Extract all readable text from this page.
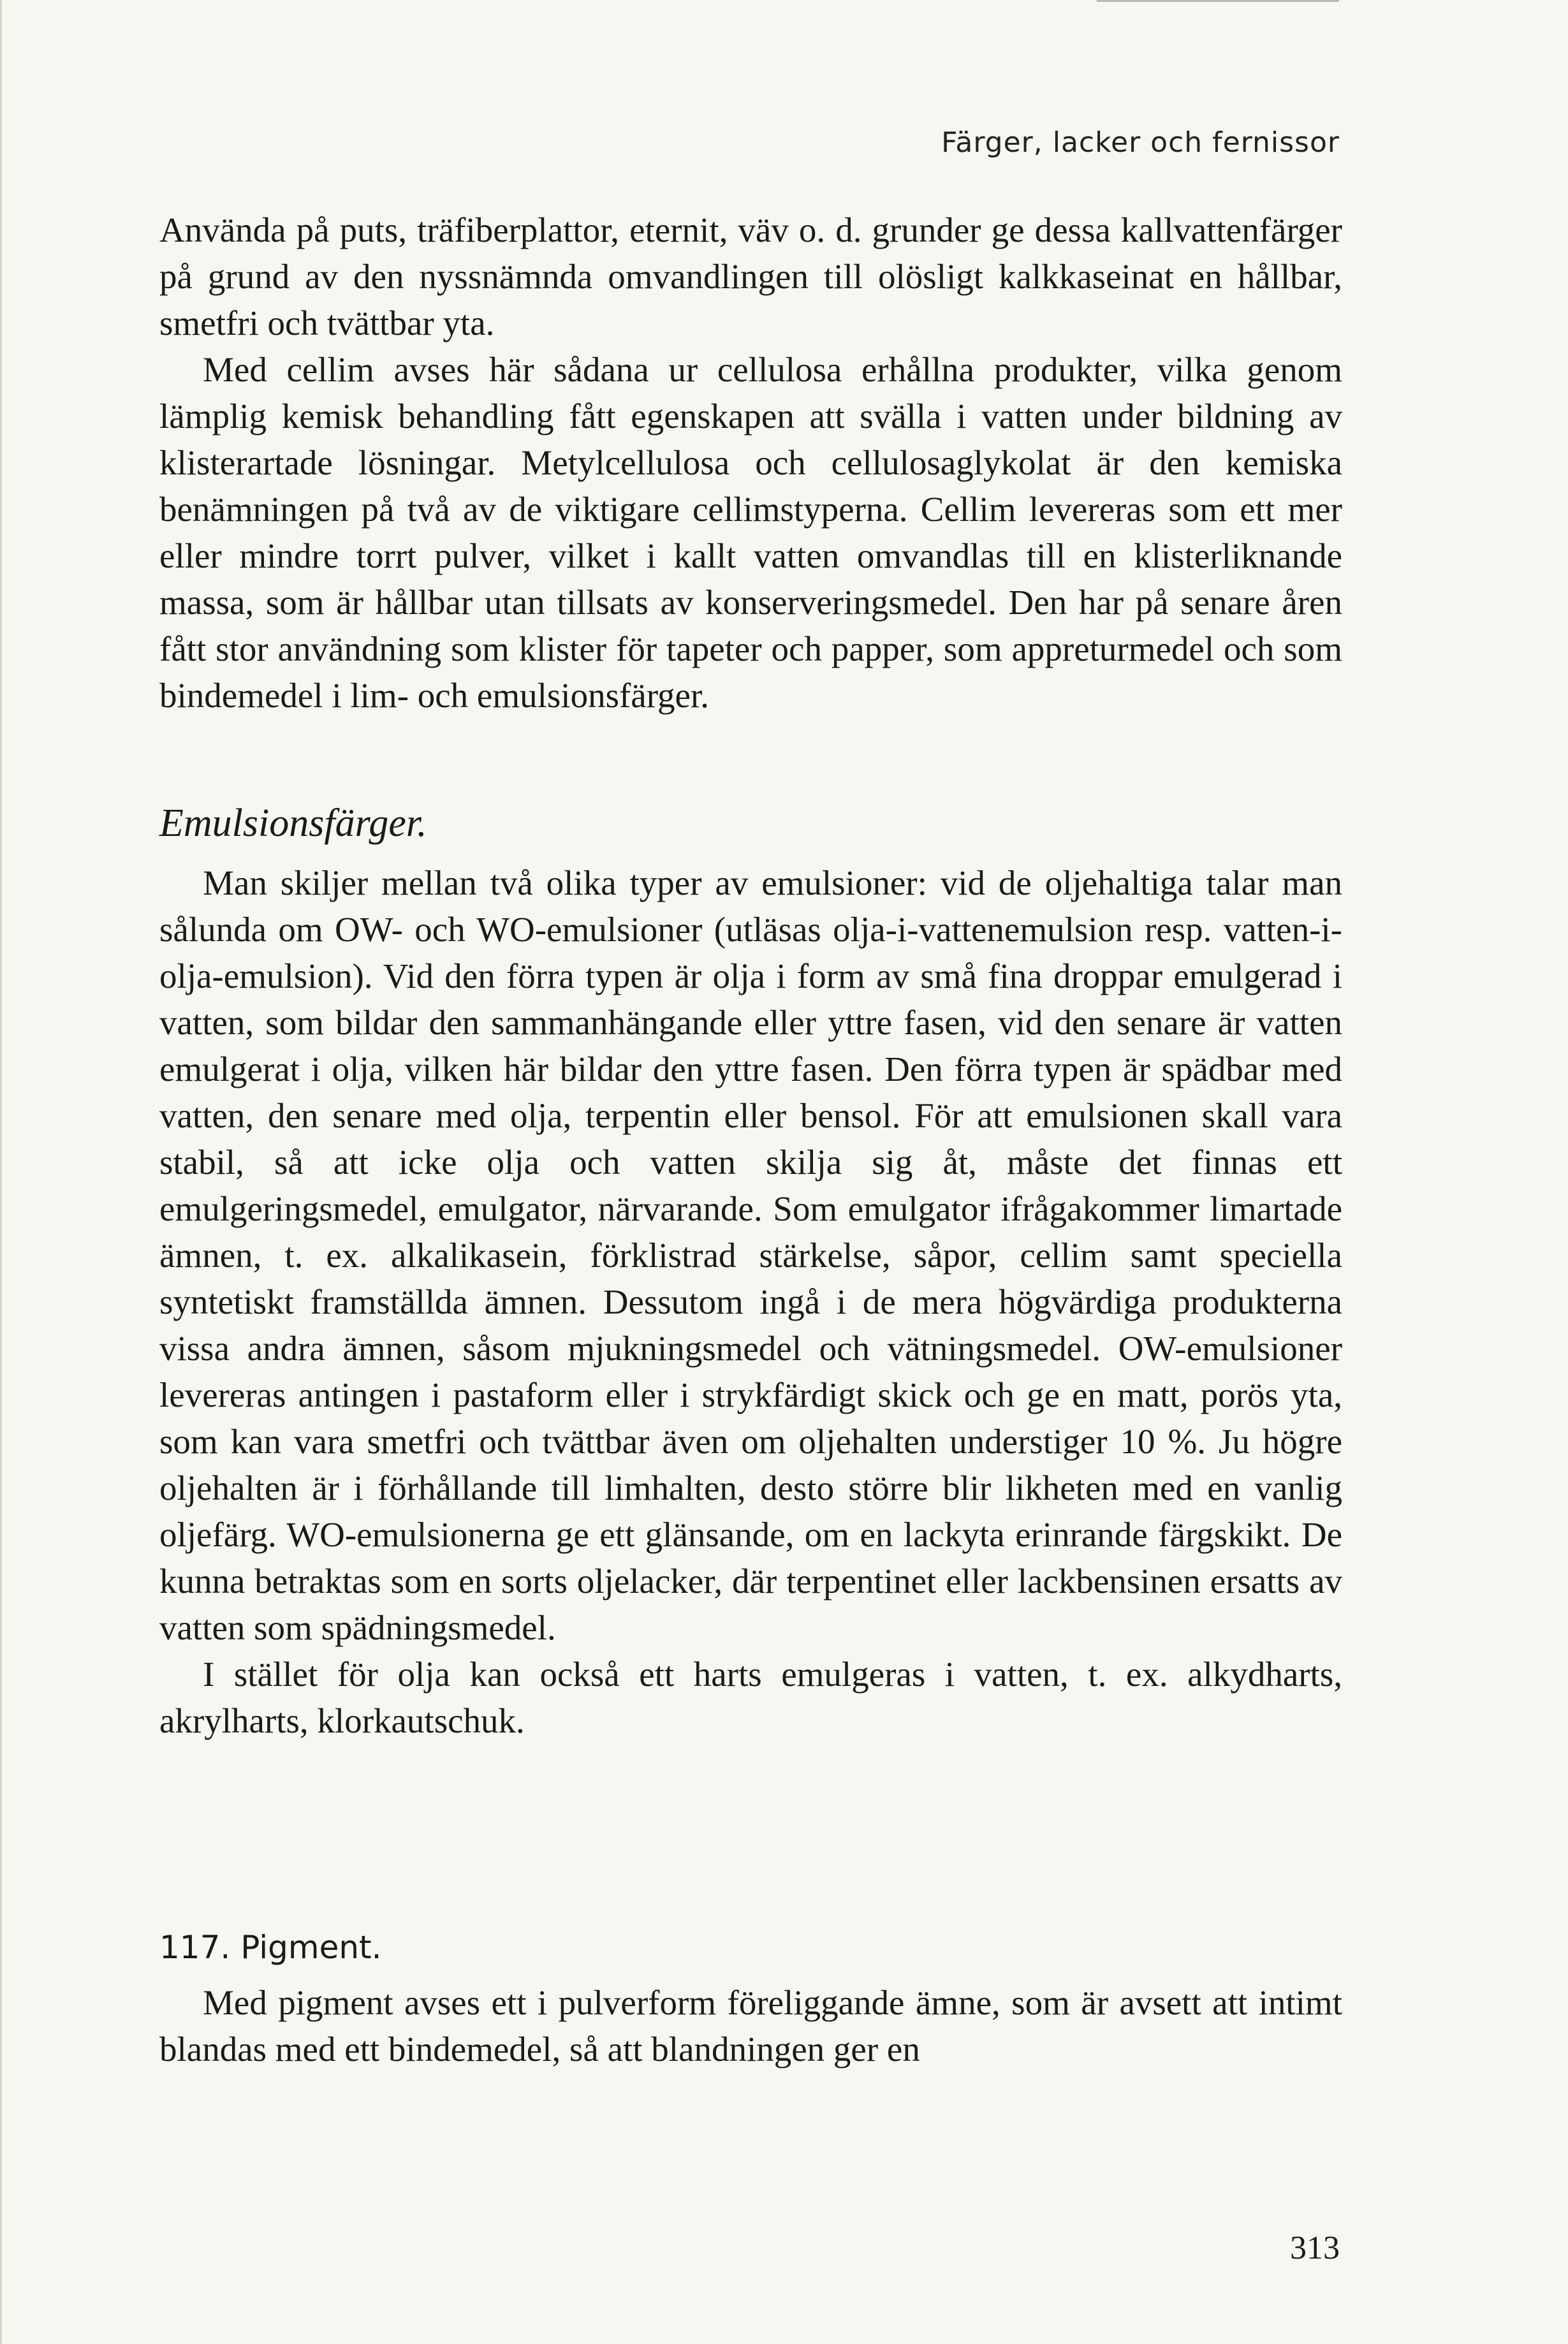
Färger, lacker och fernissor

Använda på puts, träfiberplattor, eternit, väv o. d. grunder ge dessa kallvattenfärger på grund av den nyssnämnda omvandlingen till olösligt kalkkaseinat en hållbar, smetfri och tvättbar yta.

Med cellim avses här sådana ur cellulosa erhållna produkter, vilka genom lämplig kemisk behandling fått egenskapen att svälla i vatten under bildning av klisterartade lösningar. Metylcellulosa och cellulosaglykolat är den kemiska benämningen på två av de viktigare cellimstyperna. Cellim levereras som ett mer eller mindre torrt pulver, vilket i kallt vatten omvandlas till en klisterliknande massa, som är hållbar utan tillsats av konserveringsmedel. Den har på senare åren fått stor användning som klister för tapeter och papper, som appreturmedel och som bindemedel i lim- och emulsionsfärger.

Emulsionsfärger.

Man skiljer mellan två olika typer av emulsioner: vid de oljehaltiga talar man sålunda om OW- och WO-emulsioner (utläsas olja-i-vattenemulsion resp. vatten-i-olja-emulsion). Vid den förra typen är olja i form av små fina droppar emulgerad i vatten, som bildar den sammanhängande eller yttre fasen, vid den senare är vatten emulgerat i olja, vilken här bildar den yttre fasen. Den förra typen är spädbar med vatten, den senare med olja, terpentin eller bensol. För att emulsionen skall vara stabil, så att icke olja och vatten skilja sig åt, måste det finnas ett emulgeringsmedel, emulgator, närvarande. Som emulgator ifrågakommer limartade ämnen, t. ex. alkalikasein, förklistrad stärkelse, såpor, cellim samt speciella syntetiskt framställda ämnen. Dessutom ingå i de mera högvärdiga produkterna vissa andra ämnen, såsom mjukningsmedel och vätningsmedel. OW-emulsioner levereras antingen i pastaform eller i strykfärdigt skick och ge en matt, porös yta, som kan vara smetfri och tvättbar även om oljehalten understiger 10 %. Ju högre oljehalten är i förhållande till limhalten, desto större blir likheten med en vanlig oljefärg. WO-emulsionerna ge ett glänsande, om en lackyta erinrande färgskikt. De kunna betraktas som en sorts oljelacker, där terpentinet eller lackbensinen ersatts av vatten som spädningsmedel.

I stället för olja kan också ett harts emulgeras i vatten, t. ex. alkydharts, akrylharts, klorkautschuk.

117. Pigment.

Med pigment avses ett i pulverform föreliggande ämne, som är avsett att intimt blandas med ett bindemedel, så att blandningen ger en

313
